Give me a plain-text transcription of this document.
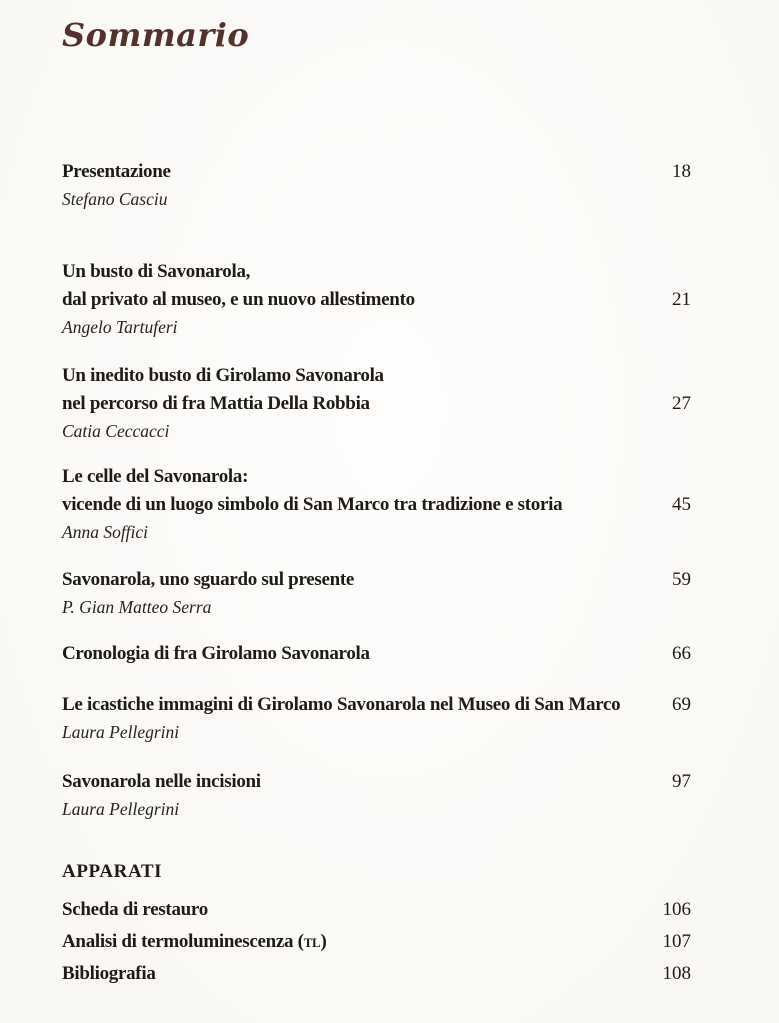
Sommario
Presentazione	18
Stefano Casciu
Un busto di Savonarola,
dal privato al museo, e un nuovo allestimento	21
Angelo Tartuferi
Un inedito busto di Girolamo Savonarola
nel percorso di fra Mattia Della Robbia	27
Catia Ceccacci
Le celle del Savonarola:
vicende di un luogo simbolo di San Marco tra tradizione e storia	45
Anna Soffici
Savonarola, uno sguardo sul presente	59
P. Gian Matteo Serra
Cronologia di fra Girolamo Savonarola	66
Le icastiche immagini di Girolamo Savonarola nel Museo di San Marco	69
Laura Pellegrini
Savonarola nelle incisioni	97
Laura Pellegrini
APPARATI
Scheda di restauro	106
Analisi di termoluminescenza (tl)	107
Bibliografia	108
